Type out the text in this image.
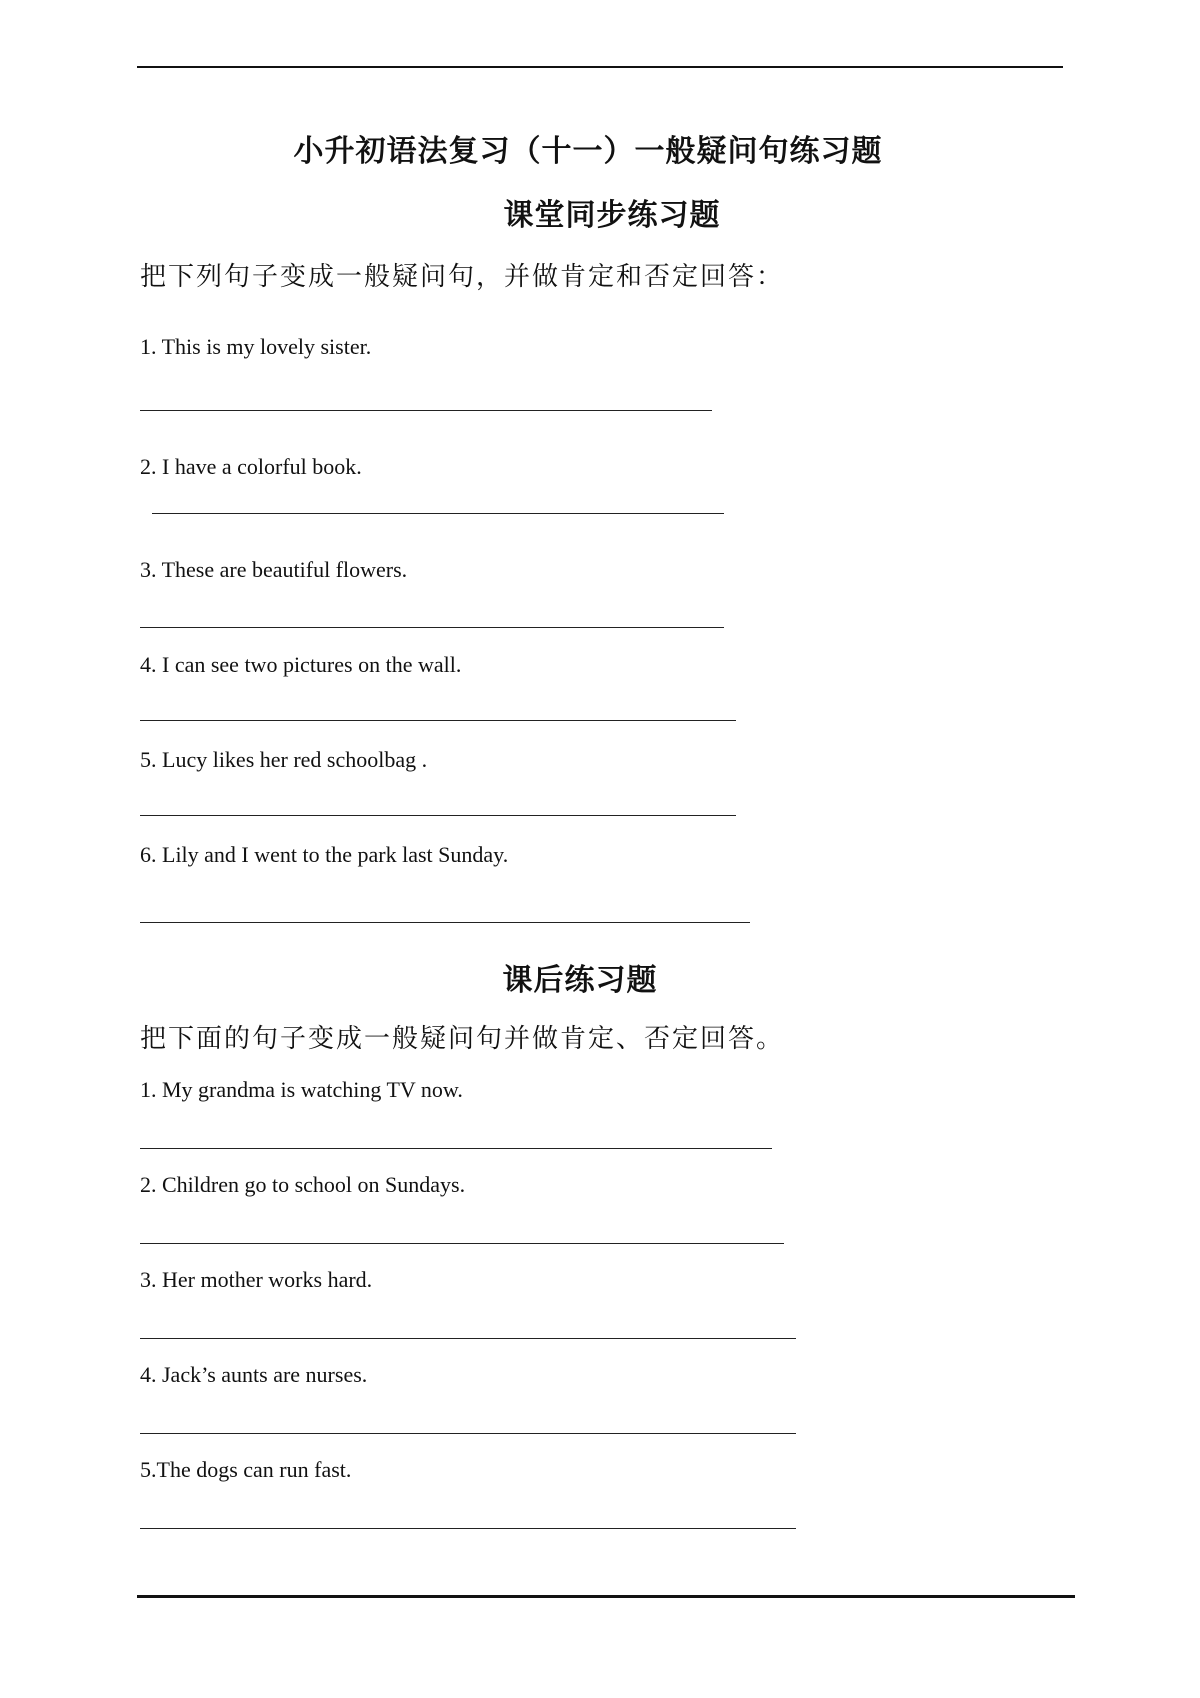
小升初语法复习（十一）一般疑问句练习题
课堂同步练习题
把下列句子变成一般疑问句，并做肯定和否定回答：
1. This is my lovely sister.
2. I have a colorful book.
3. These are beautiful flowers.
4. I can see two pictures on the wall.
5. Lucy likes her red schoolbag .
6. Lily and I went to the park last Sunday.
课后练习题
把下面的句子变成一般疑问句并做肯定、否定回答。
1. My grandma is watching TV now.
2. Children go to school on Sundays.
3. Her mother works hard.
4. Jack’s aunts are nurses.
5.The dogs can run fast.
